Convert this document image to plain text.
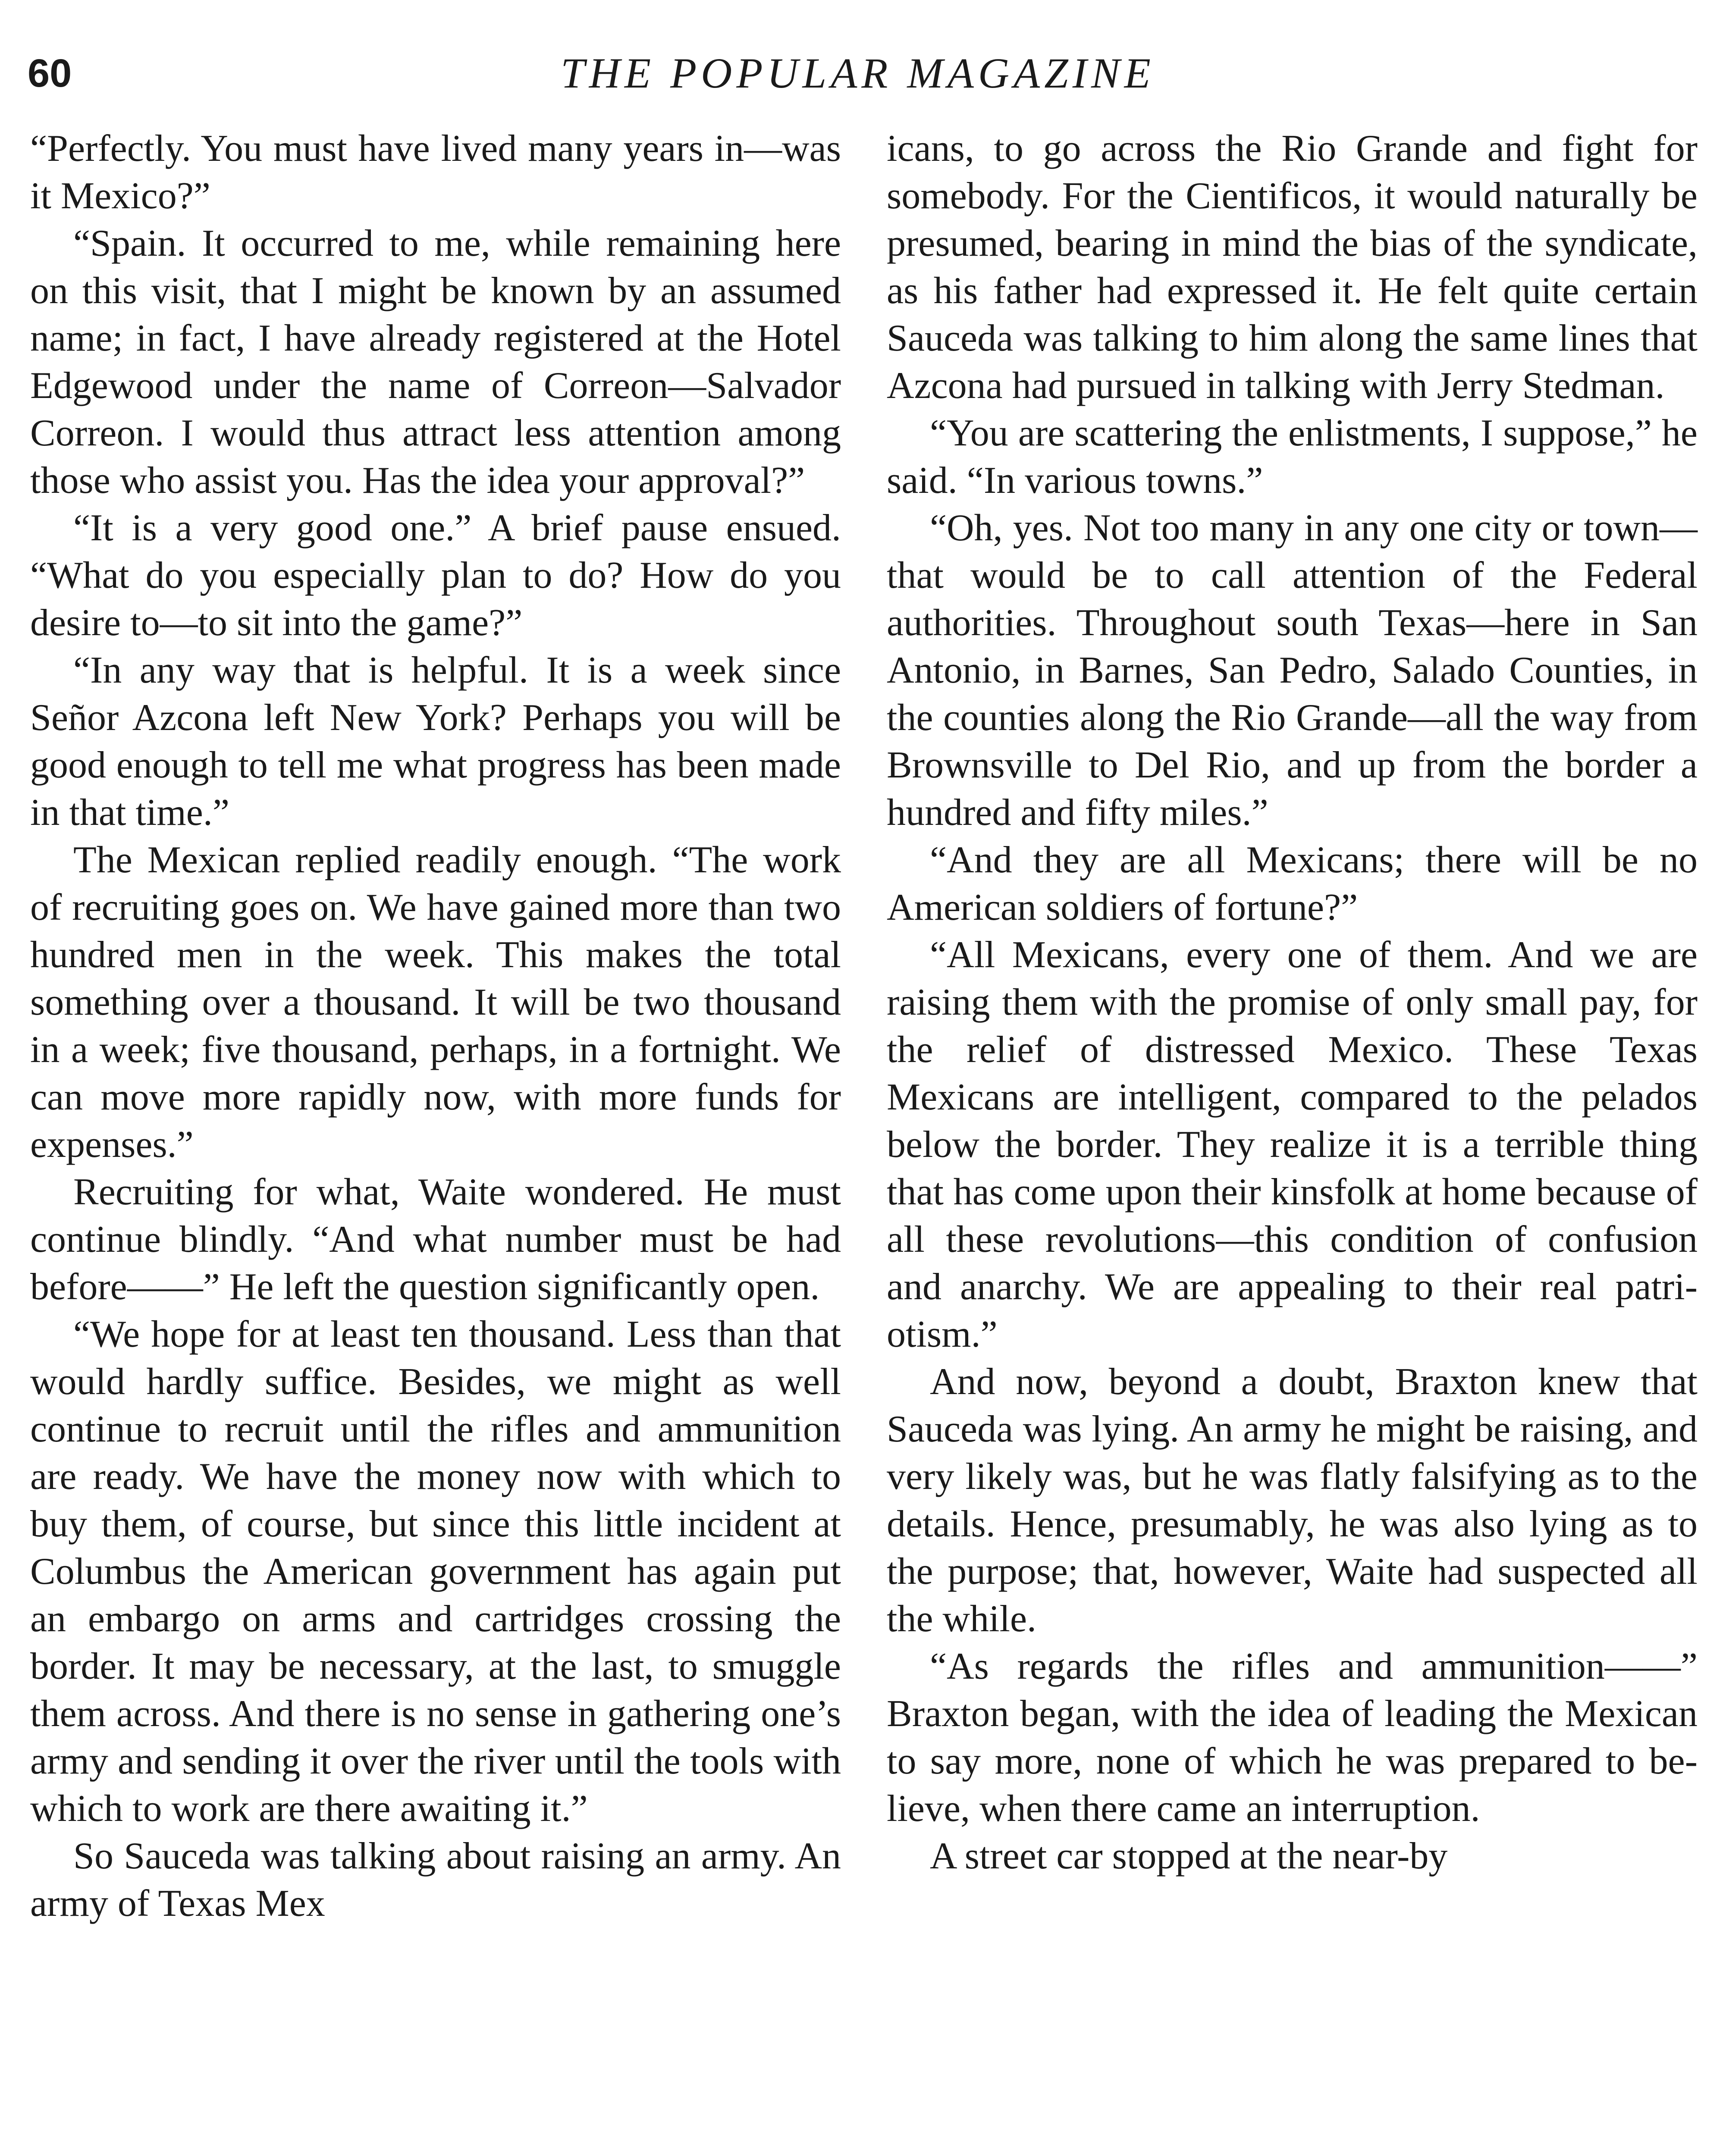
60	THE POPULAR MAGAZINE

“Perfectly. You must have lived many years in—was it Mexico?”

“Spain. It occurred to me, while remaining here on this visit, that I might be known by an assumed name; in fact, I have already registered at the Hotel Edgewood under the name of Correon—Salvador Correon. I would thus attract less attention among those who assist you. Has the idea your approval?”

“It is a very good one.” A brief pause ensued. “What do you especially plan to do? How do you desire to—to sit into the game?”

“In any way that is helpful. It is a week since Señor Azcona left New York? Perhaps you will be good enough to tell me what progress has been made in that time.”

The Mexican replied readily enough. “The work of recruiting goes on. We have gained more than two hundred men in the week. This makes the total something over a thousand. It will be two thousand in a week; five thousand, perhaps, in a fortnight. We can move more rapidly now, with more funds for expenses.”

Recruiting for what, Waite wondered. He must continue blindly. “And what number must be had before——” He left the question significantly open.

“We hope for at least ten thousand. Less than that would hardly suffice. Besides, we might as well continue to recruit until the rifles and ammunition are ready. We have the money now with which to buy them, of course, but since this little incident at Columbus the American government has again put an embargo on arms and cartridges crossing the border. It may be necessary, at the last, to smuggle them across. And there is no sense in gathering one’s army and sending it over the river until the tools with which to work are there awaiting it.”

So Sauceda was talking about raising an army. An army of Texas Mex

icans, to go across the Rio Grande and fight for somebody. For the Cientificos, it would naturally be presumed, bearing in mind the bias of the syndicate, as his father had expressed it. He felt quite certain Sauceda was talking to him along the same lines that Azcona had pursued in talking with Jerry Stedman.

“You are scattering the enlistments, I suppose,” he said. “In various towns.”

“Oh, yes. Not too many in any one city or town—that would be to call attention of the Federal authorities. Throughout south Texas—here in San Antonio, in Barnes, San Pedro, Salado Counties, in the counties along the Rio Grande—all the way from Brownsville to Del Rio, and up from the border a hundred and fifty miles.”

“And they are all Mexicans; there will be no American soldiers of fortune?”

“All Mexicans, every one of them. And we are raising them with the promise of only small pay, for the relief of distressed Mexico. These Texas Mexicans are intelligent, compared to the pelados below the border. They realize it is a terrible thing that has come upon their kinsfolk at home because of all these revolutions—this condition of confusion and anarchy. We are appealing to their real patriotism.”

And now, beyond a doubt, Braxton knew that Sauceda was lying. An army he might be raising, and very likely was, but he was flatly falsifying as to the details. Hence, presumably, he was also lying as to the purpose; that, however, Waite had suspected all the while.

“As regards the rifles and ammunition——” Braxton began, with the idea of leading the Mexican to say more, none of which he was prepared to believe, when there came an interruption.

A street car stopped at the near-by
